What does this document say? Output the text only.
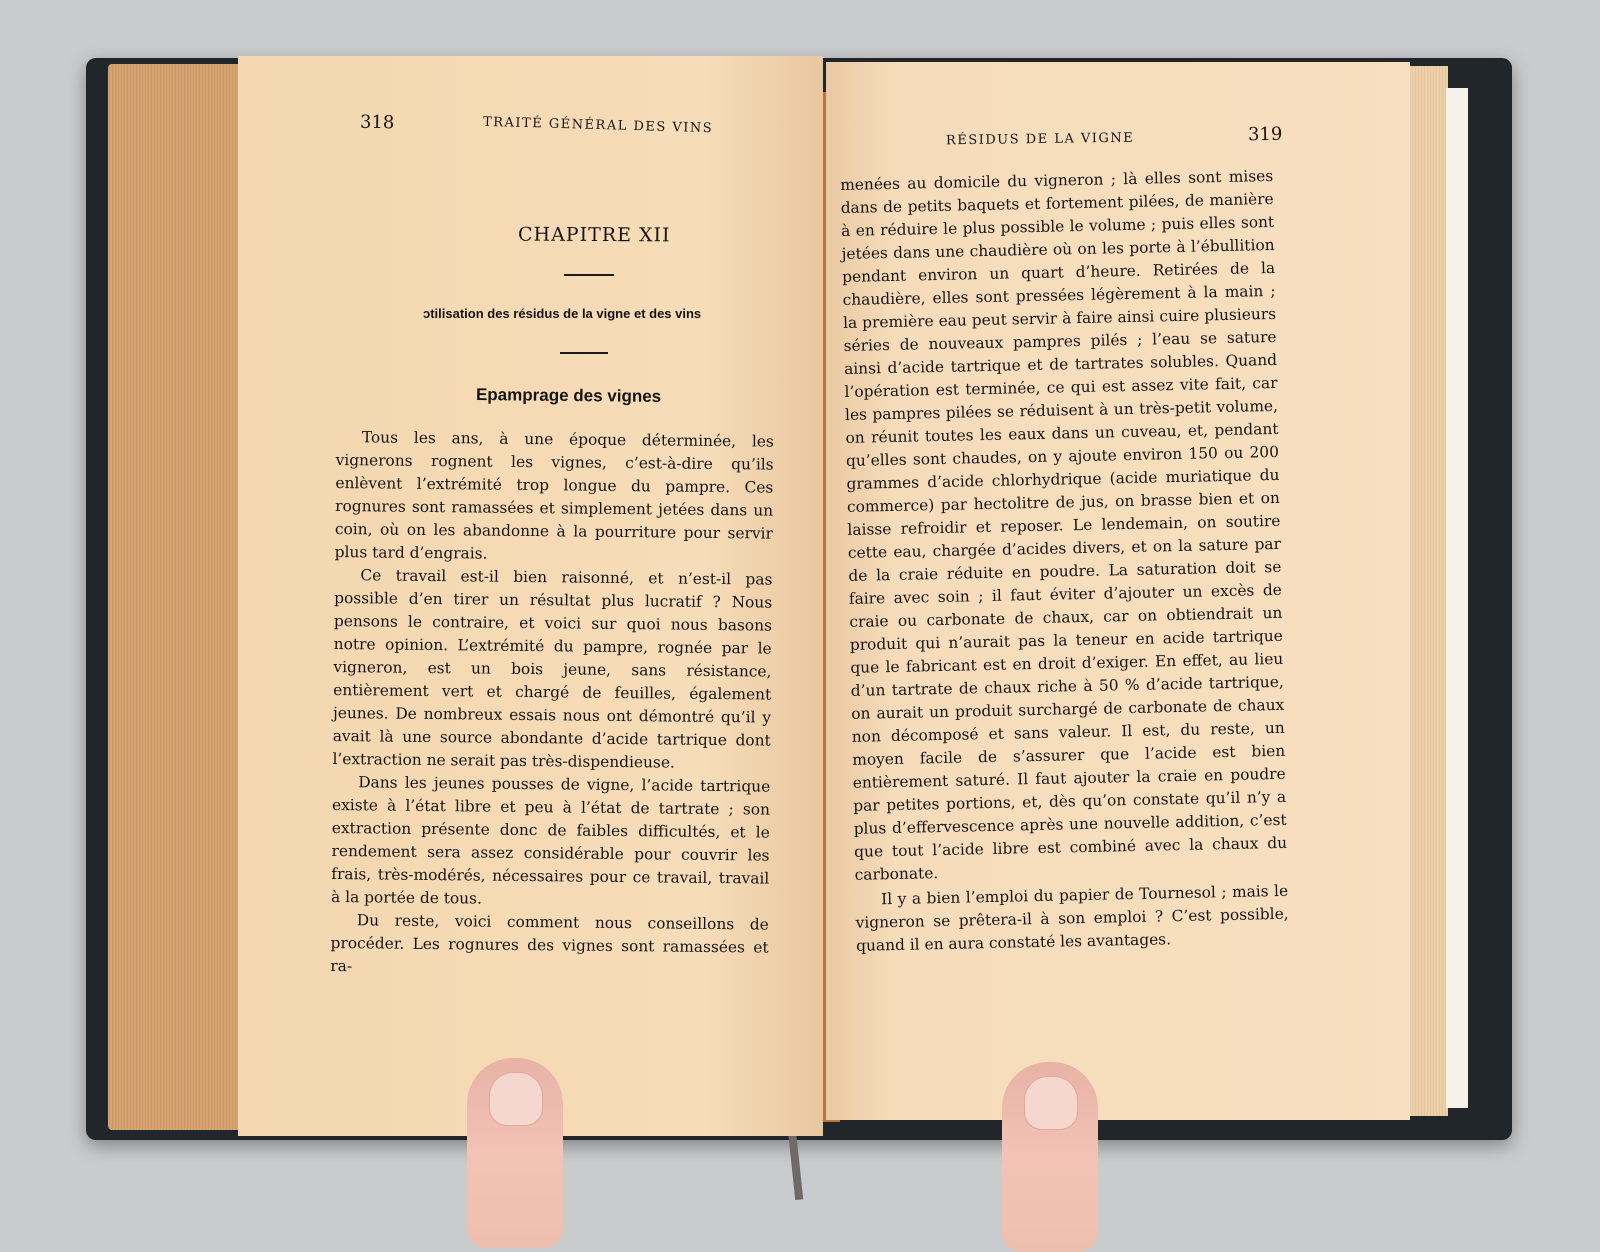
318	TRAITÉ GÉNÉRAL DES VINS
CHAPITRE XII
ɔtilisation des résidus de la vigne et des vins
Epamprage des vignes

Tous les ans, à une époque déterminée, les vignerons rognent les vignes, c’est-à-dire qu’ils enlèvent l’extrémité trop longue du pampre. Ces rognures sont ramassées et simplement jetées dans un coin, où on les abandonne à la pourriture pour servir plus tard d’engrais.

Ce travail est-il bien raisonné, et n’est-il pas possible d’en tirer un résultat plus lucratif ? Nous pensons le contraire, et voici sur quoi nous basons notre opinion. L’extrémité du pampre, rognée par le vigneron, est un bois jeune, sans résistance, entièrement vert et chargé de feuilles, également jeunes. De nombreux essais nous ont démontré qu’il y avait là une source abondante d’acide tartrique dont l’extraction ne serait pas très-dispendieuse.

Dans les jeunes pousses de vigne, l’acide tartrique existe à l’état libre et peu à l’état de tartrate ; son extraction présente donc de faibles difficultés, et le rendement sera assez considérable pour couvrir les frais, très-modérés, nécessaires pour ce travail, travail à la portée de tous.

Du reste, voici comment nous conseillons de procéder. Les rognures des vignes sont ramassées et ra-

RÉSIDUS DE LA VIGNE	319

menées au domicile du vigneron ; là elles sont mises dans de petits baquets et fortement pilées, de manière à en réduire le plus possible le volume ; puis elles sont jetées dans une chaudière où on les porte à l’ébullition pendant environ un quart d’heure. Retirées de la chaudière, elles sont pressées légèrement à la main ; la première eau peut servir à faire ainsi cuire plusieurs séries de nouveaux pampres pilés ; l’eau se sature ainsi d’acide tartrique et de tartrates solubles. Quand l’opération est terminée, ce qui est assez vite fait, car les pampres pilées se réduisent à un très-petit volume, on réunit toutes les eaux dans un cuveau, et, pendant qu’elles sont chaudes, on y ajoute environ 150 ou 200 grammes d’acide chlorhydrique (acide muriatique du commerce) par hectolitre de jus, on brasse bien et on laisse refroidir et reposer. Le lendemain, on soutire cette eau, chargée d’acides divers, et on la sature par de la craie réduite en poudre. La saturation doit se faire avec soin ; il faut éviter d’ajouter un excès de craie ou carbonate de chaux, car on obtiendrait un produit qui n’aurait pas la teneur en acide tartrique que le fabricant est en droit d’exiger. En effet, au lieu d’un tartrate de chaux riche à 50 % d’acide tartrique, on aurait un produit surchargé de carbonate de chaux non décomposé et sans valeur. Il est, du reste, un moyen facile de s’assurer que l’acide est bien entièrement saturé. Il faut ajouter la craie en poudre par petites portions, et, dès qu’on constate qu’il n’y a plus d’effervescence après une nouvelle addition, c’est que tout l’acide libre est combiné avec la chaux du carbonate.

Il y a bien l’emploi du papier de Tournesol ; mais le vigneron se prêtera-il à son emploi ? C’est possible, quand il en aura constaté les avantages.
